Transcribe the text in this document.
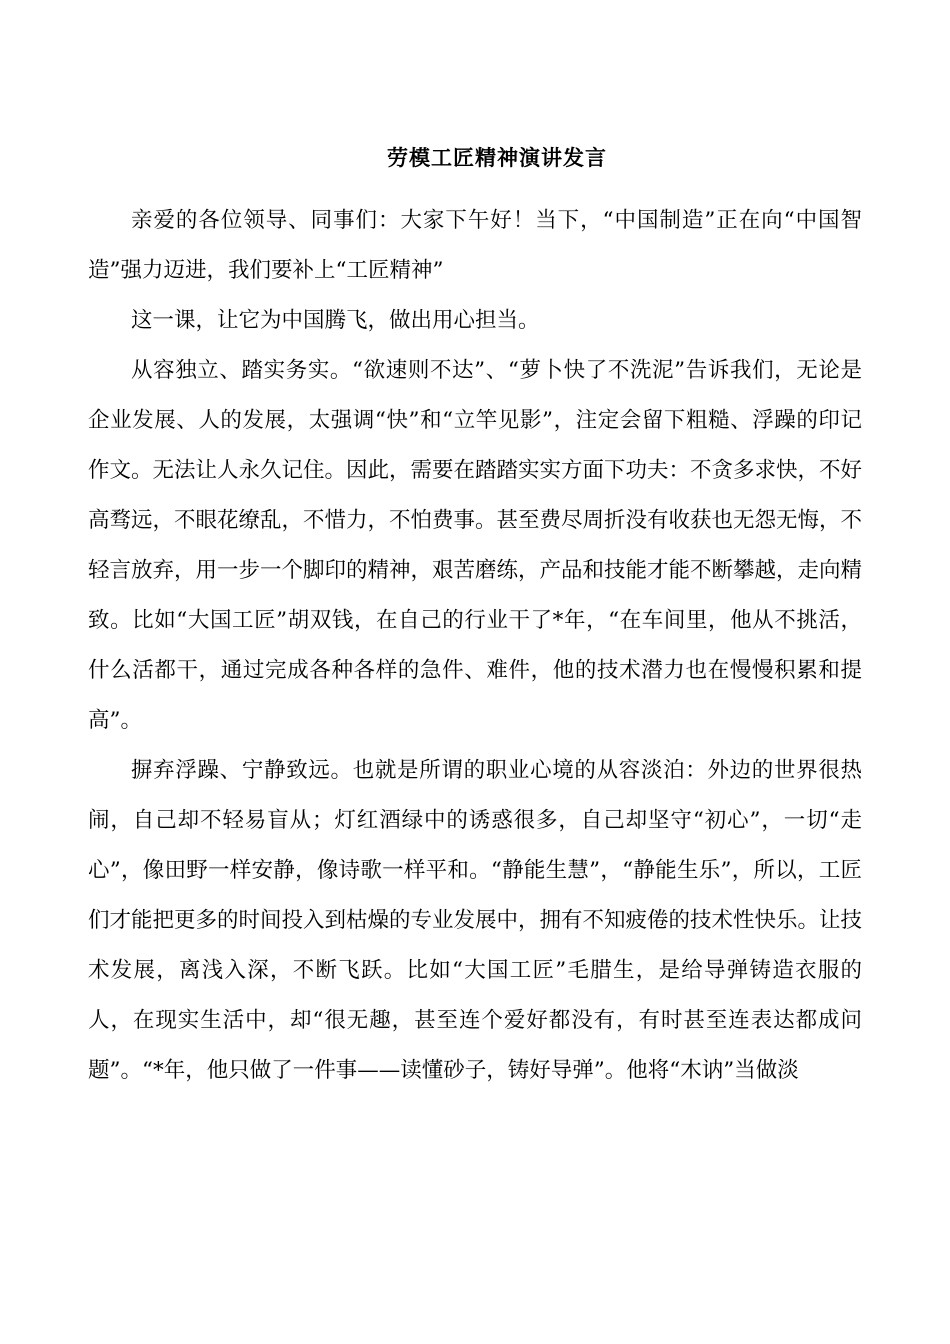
劳模工匠精神演讲发言

亲爱的各位领导、同事们：大家下午好！当下，“中国制造”正在向“中国智造”强力迈进，我们要补上“工匠精神”

这一课，让它为中国腾飞，做出用心担当。

从容独立、踏实务实。“欲速则不达”、“萝卜快了不洗泥”告诉我们，无论是企业发展、人的发展，太强调“快”和“立竿见影”，注定会留下粗糙、浮躁的印记作文。无法让人永久记住。因此，需要在踏踏实实方面下功夫：不贪多求快，不好高骛远，不眼花缭乱，不惜力，不怕费事。甚至费尽周折没有收获也无怨无悔，不轻言放弃，用一步一个脚印的精神，艰苦磨练，产品和技能才能不断攀越，走向精致。比如“大国工匠”胡双钱，在自己的行业干了*年，“在车间里，他从不挑活，什么活都干，通过完成各种各样的急件、难件，他的技术潜力也在慢慢积累和提高”。

摒弃浮躁、宁静致远。也就是所谓的职业心境的从容淡泊：外边的世界很热闹，自己却不轻易盲从；灯红酒绿中的诱惑很多，自己却坚守“初心”，一切“走心”，像田野一样安静，像诗歌一样平和。“静能生慧”，“静能生乐”，所以，工匠们才能把更多的时间投入到枯燥的专业发展中，拥有不知疲倦的技术性快乐。让技术发展，离浅入深，不断飞跃。比如“大国工匠”毛腊生，是给导弹铸造衣服的人，在现实生活中，却“很无趣，甚至连个爱好都没有，有时甚至连表达都成问题”。“*年，他只做了一件事——读懂砂子，铸好导弹”。他将“木讷”当做淡
